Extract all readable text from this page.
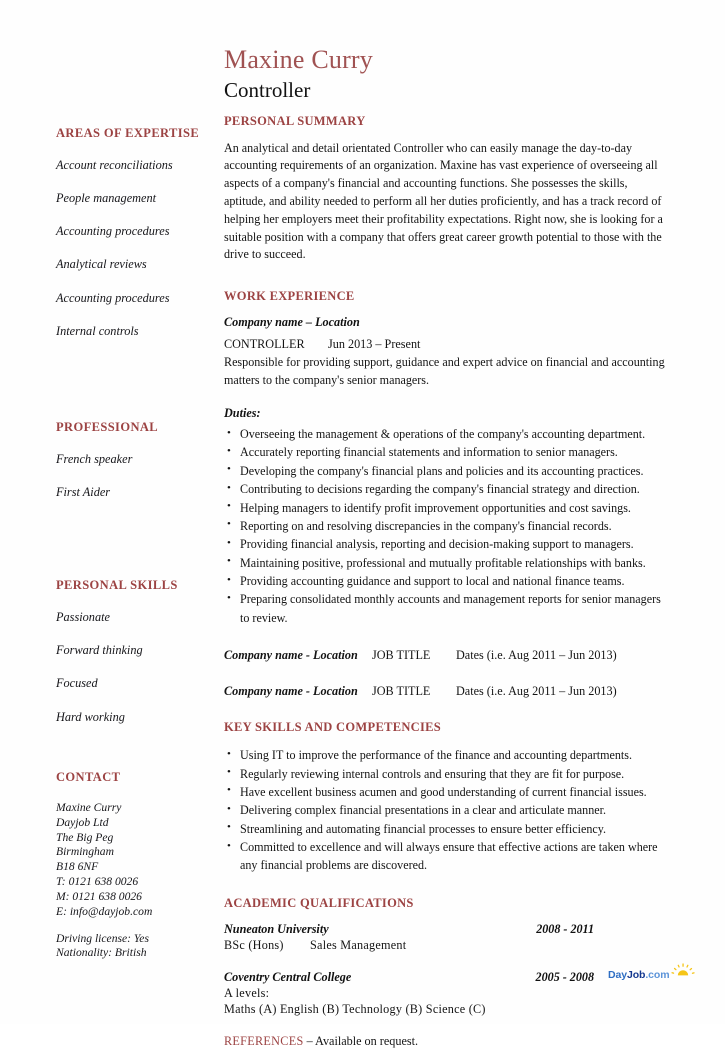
AREAS OF EXPERTISE
Account reconciliations
People management
Accounting procedures
Analytical reviews
Accounting procedures
Internal controls
PROFESSIONAL
French speaker
First Aider
PERSONAL SKILLS
Passionate
Forward thinking
Focused
Hard working
CONTACT
Maxine Curry
Dayjob Ltd
The Big Peg
Birmingham
B18 6NF
T: 0121 638 0026
M: 0121 638 0026
E: info@dayjob.com
Driving license: Yes
Nationality: British
Maxine Curry
Controller
PERSONAL SUMMARY

An analytical and detail orientated Controller who can easily manage the day-to-day accounting requirements of an organization. Maxine has vast experience of overseeing all aspects of a company's financial and accounting functions. She possesses the skills, aptitude, and ability needed to perform all her duties proficiently, and has a track record of helping her employers meet their profitability expectations. Right now, she is looking for a suitable position with a company that offers great career growth potential to those with the drive to succeed.

WORK EXPERIENCE
Company name – Location
CONTROLLER Jun 2013 – Present

Responsible for providing support, guidance and expert advice on financial and accounting matters to the company's senior managers.

Duties:
• Overseeing the management & operations of the company's accounting department.
• Accurately reporting financial statements and information to senior managers.
• Developing the company's financial plans and policies and its accounting practices.
• Contributing to decisions regarding the company's financial strategy and direction.
• Helping managers to identify profit improvement opportunities and cost savings.
• Reporting on and resolving discrepancies in the company's financial records.
• Providing financial analysis, reporting and decision-making support to managers.
• Maintaining positive, professional and mutually profitable relationships with banks.
• Providing accounting guidance and support to local and national finance teams.
• Preparing consolidated monthly accounts and management reports for senior managers to review.
Company name - Location JOB TITLE Dates (i.e. Aug 2011 – Jun 2013)
Company name - Location JOB TITLE Dates (i.e. Aug 2011 – Jun 2013)
KEY SKILLS AND COMPETENCIES
• Using IT to improve the performance of the finance and accounting departments.
• Regularly reviewing internal controls and ensuring that they are fit for purpose.
• Have excellent business acumen and good understanding of current financial issues.
• Delivering complex financial presentations in a clear and articulate manner.
• Streamlining and automating financial processes to ensure better efficiency.
• Committed to excellence and will always ensure that effective actions are taken where any financial problems are discovered.
ACADEMIC QUALIFICATIONS
Nuneaton University	2008 - 2011
BSc (Hons) Sales Management
Coventry Central College	2005 - 2008
A levels:
Maths (A) English (B) Technology (B) Science (C)
REFERENCES – Available on request.
DayJob.com
